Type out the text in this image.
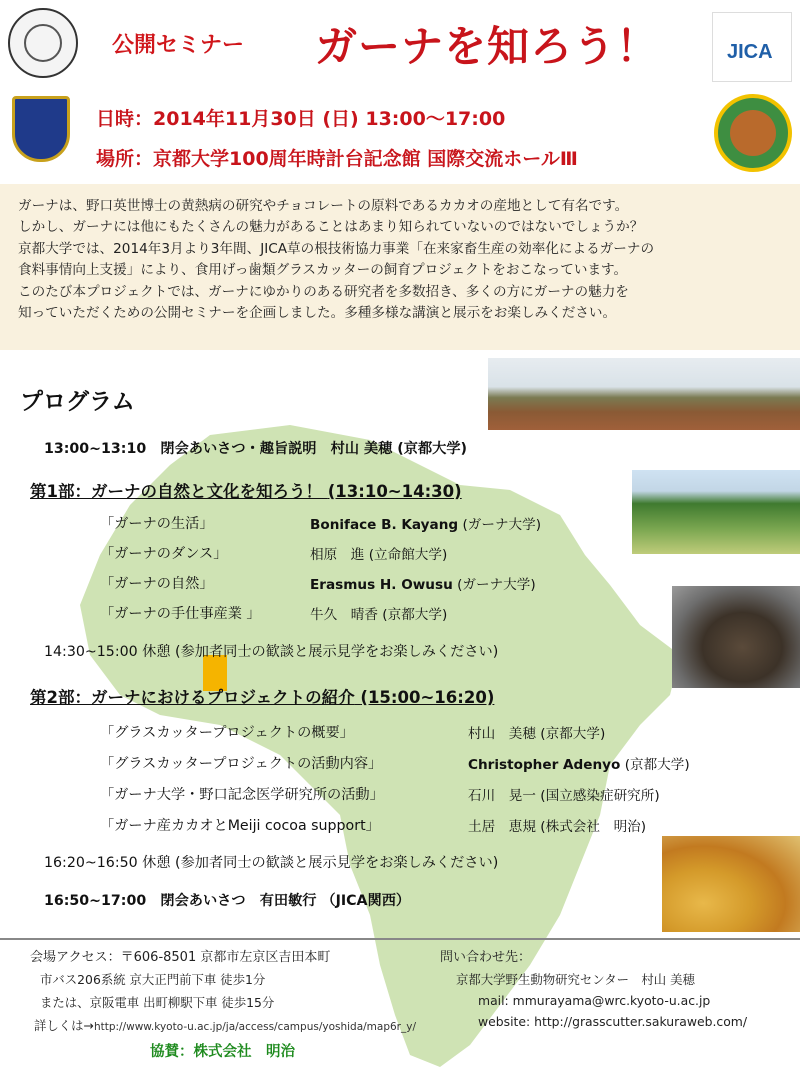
JICA
公開セミナー ガーナを知ろう！
日時：2014年11月30日 (日) 13:00〜17:00
場所：京都大学100周年時計台記念館 国際交流ホールⅢ

ガーナは、野口英世博士の黄熱病の研究やチョコレートの原料であるカカオの産地として有名です。

しかし、ガーナには他にもたくさんの魅力があることはあまり知られていないのではないでしょうか？

京都大学では、2014年3月より3年間、JICA草の根技術協力事業「在来家畜生産の効率化によるガーナの

食料事情向上支援」により、食用げっ歯類グラスカッターの飼育プロジェクトをおこなっています。

このたび本プロジェクトでは、ガーナにゆかりのある研究者を多数招き、多くの方にガーナの魅力を

知っていただくための公開セミナーを企画しました。多種多様な講演と展示をお楽しみください。

プログラム
13:00~13:10　閉会あいさつ・趣旨説明　村山 美穂 (京都大学)
第1部：ガーナの自然と文化を知ろう！ (13:10~14:30)
「ガーナの生活」	Boniface B. Kayang (ガーナ大学)
「ガーナのダンス」	相原　進 (立命館大学)
「ガーナの自然」	Erasmus H. Owusu (ガーナ大学)
「ガーナの手仕事産業 」	牛久　晴香 (京都大学)
14:30~15:00 休憩 (参加者同士の歓談と展示見学をお楽しみください)
第2部：ガーナにおけるプロジェクトの紹介 (15:00~16:20)
「グラスカッタープロジェクトの概要」	村山　美穂 (京都大学)
「グラスカッタープロジェクトの活動内容」	Christopher Adenyo (京都大学)
「ガーナ大学・野口記念医学研究所の活動」	石川　晃一 (国立感染症研究所)
「ガーナ産カカオとMeiji cocoa support」	土居　恵規 (株式会社　明治)
16:20~16:50 休憩 (参加者同士の歓談と展示見学をお楽しみください)
16:50~17:00　閉会あいさつ　有田敏行 （JICA関西）
会場アクセス：〒606-8501 京都市左京区吉田本町
市バス206系統 京大正門前下車 徒歩1分
または、京阪電車 出町柳駅下車 徒歩15分
詳しくは→http://www.kyoto-u.ac.jp/ja/access/campus/yoshida/map6r_y/
協賛：株式会社　明治
問い合わせ先：
京都大学野生動物研究センター　村山 美穂
mail: mmurayama@wrc.kyoto-u.ac.jp
website: http://grasscutter.sakuraweb.com/
